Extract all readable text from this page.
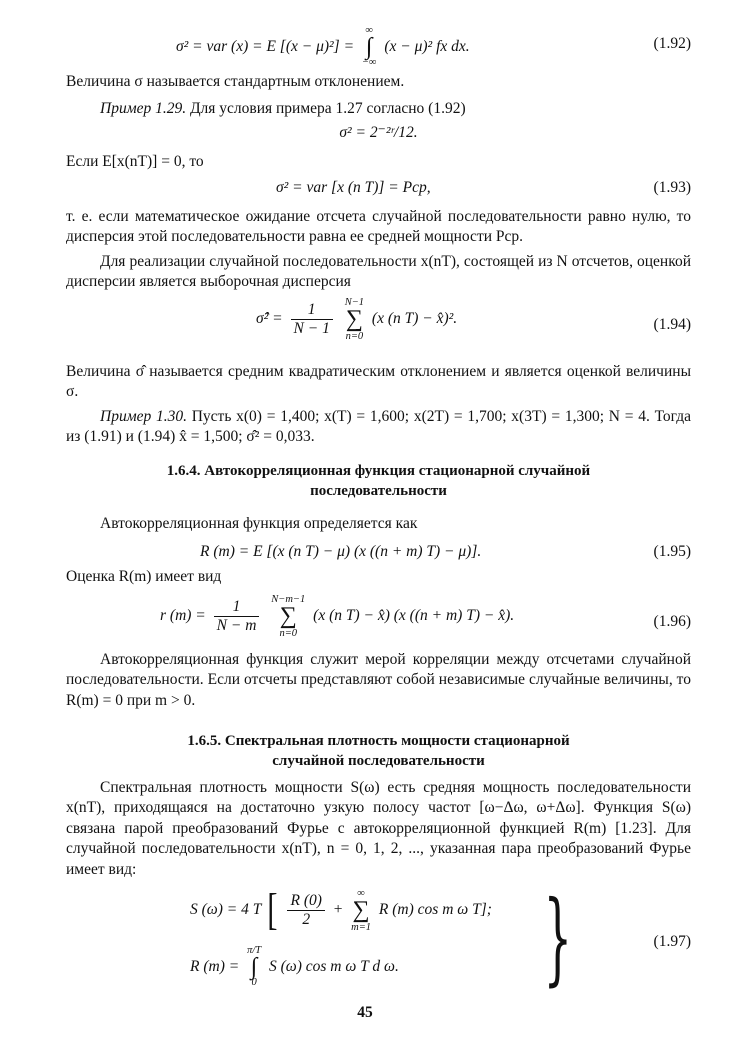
σ² = var (x) = E [(x − μ)²] =
∞
∫
−∞
(x − μ)² fx dx.	(1.92)
Величина σ называется стандартным отклонением.
Пример 1.29. Для условия примера 1.27 согласно (1.92)
σ² = 2⁻²ʳ/12.
Если E[x(nT)] = 0, то
σ² = var [x (n T)] = Pср,	(1.93)
т. е. если математическое ожидание отсчета случайной последовательности равно нулю, то дисперсия этой последовательности равна ее средней мощности Pср.
Для реализации случайной последовательности x(nT), состоящей из N отсчетов, оценкой дисперсии является выборочная дисперсия
σ̂² = $\frac{1}{N - 1}$
N−1
∑
n=0
(x (n T) − x̂)².	(1.94)
Величина σ̂ называется средним квадратическим отклонением и является оценкой величины σ.
Пример 1.30. Пусть x(0) = 1,400; x(T) = 1,600; x(2T) = 1,700; x(3T) = 1,300; N = 4. Тогда из (1.91) и (1.94) x̂ = 1,500; σ̂² = 0,033.
1.6.4. Автокорреляционная функция стационарной случайной
последовательности
Автокорреляционная функция определяется как
R (m) = E [(x (n T) − μ) (x ((n + m) T) − μ)].	(1.95)
Оценка R(m) имеет вид
r $(m) = \frac{1}{N - m}$
N−m−1
∑
n=0
(x (n T) − x̂) (x ((n + m) T) − x̂).	(1.96)
Автокорреляционная функция служит мерой корреляции между отсчетами случайной последовательности. Если отсчеты представляют собой независимые случайные величины, то R(m) = 0 при m > 0.
1.6.5. Спектральная плотность мощности стационарной
случайной последовательности
Спектральная плотность мощности S(ω) есть средняя мощность последовательности x(nT), приходящаяся на достаточно узкую полосу частот [ω−Δω, ω+Δω]. Функция S(ω) связана парой преобразований Фурье с автокорреляционной функцией R(m) [1.23]. Для случайной последовательности x(nT), n = 0, 1, 2, ..., указанная пара преобразований Фурье имеет вид:
S (ω) = 4 T [ $\frac{R (0)}{2}$ +
∞
∑
m=1
R (m) cos m ω T];
R (m) =
π/T
∫
0
S (ω) cos m ω T d ω. }	(1.97)
45
